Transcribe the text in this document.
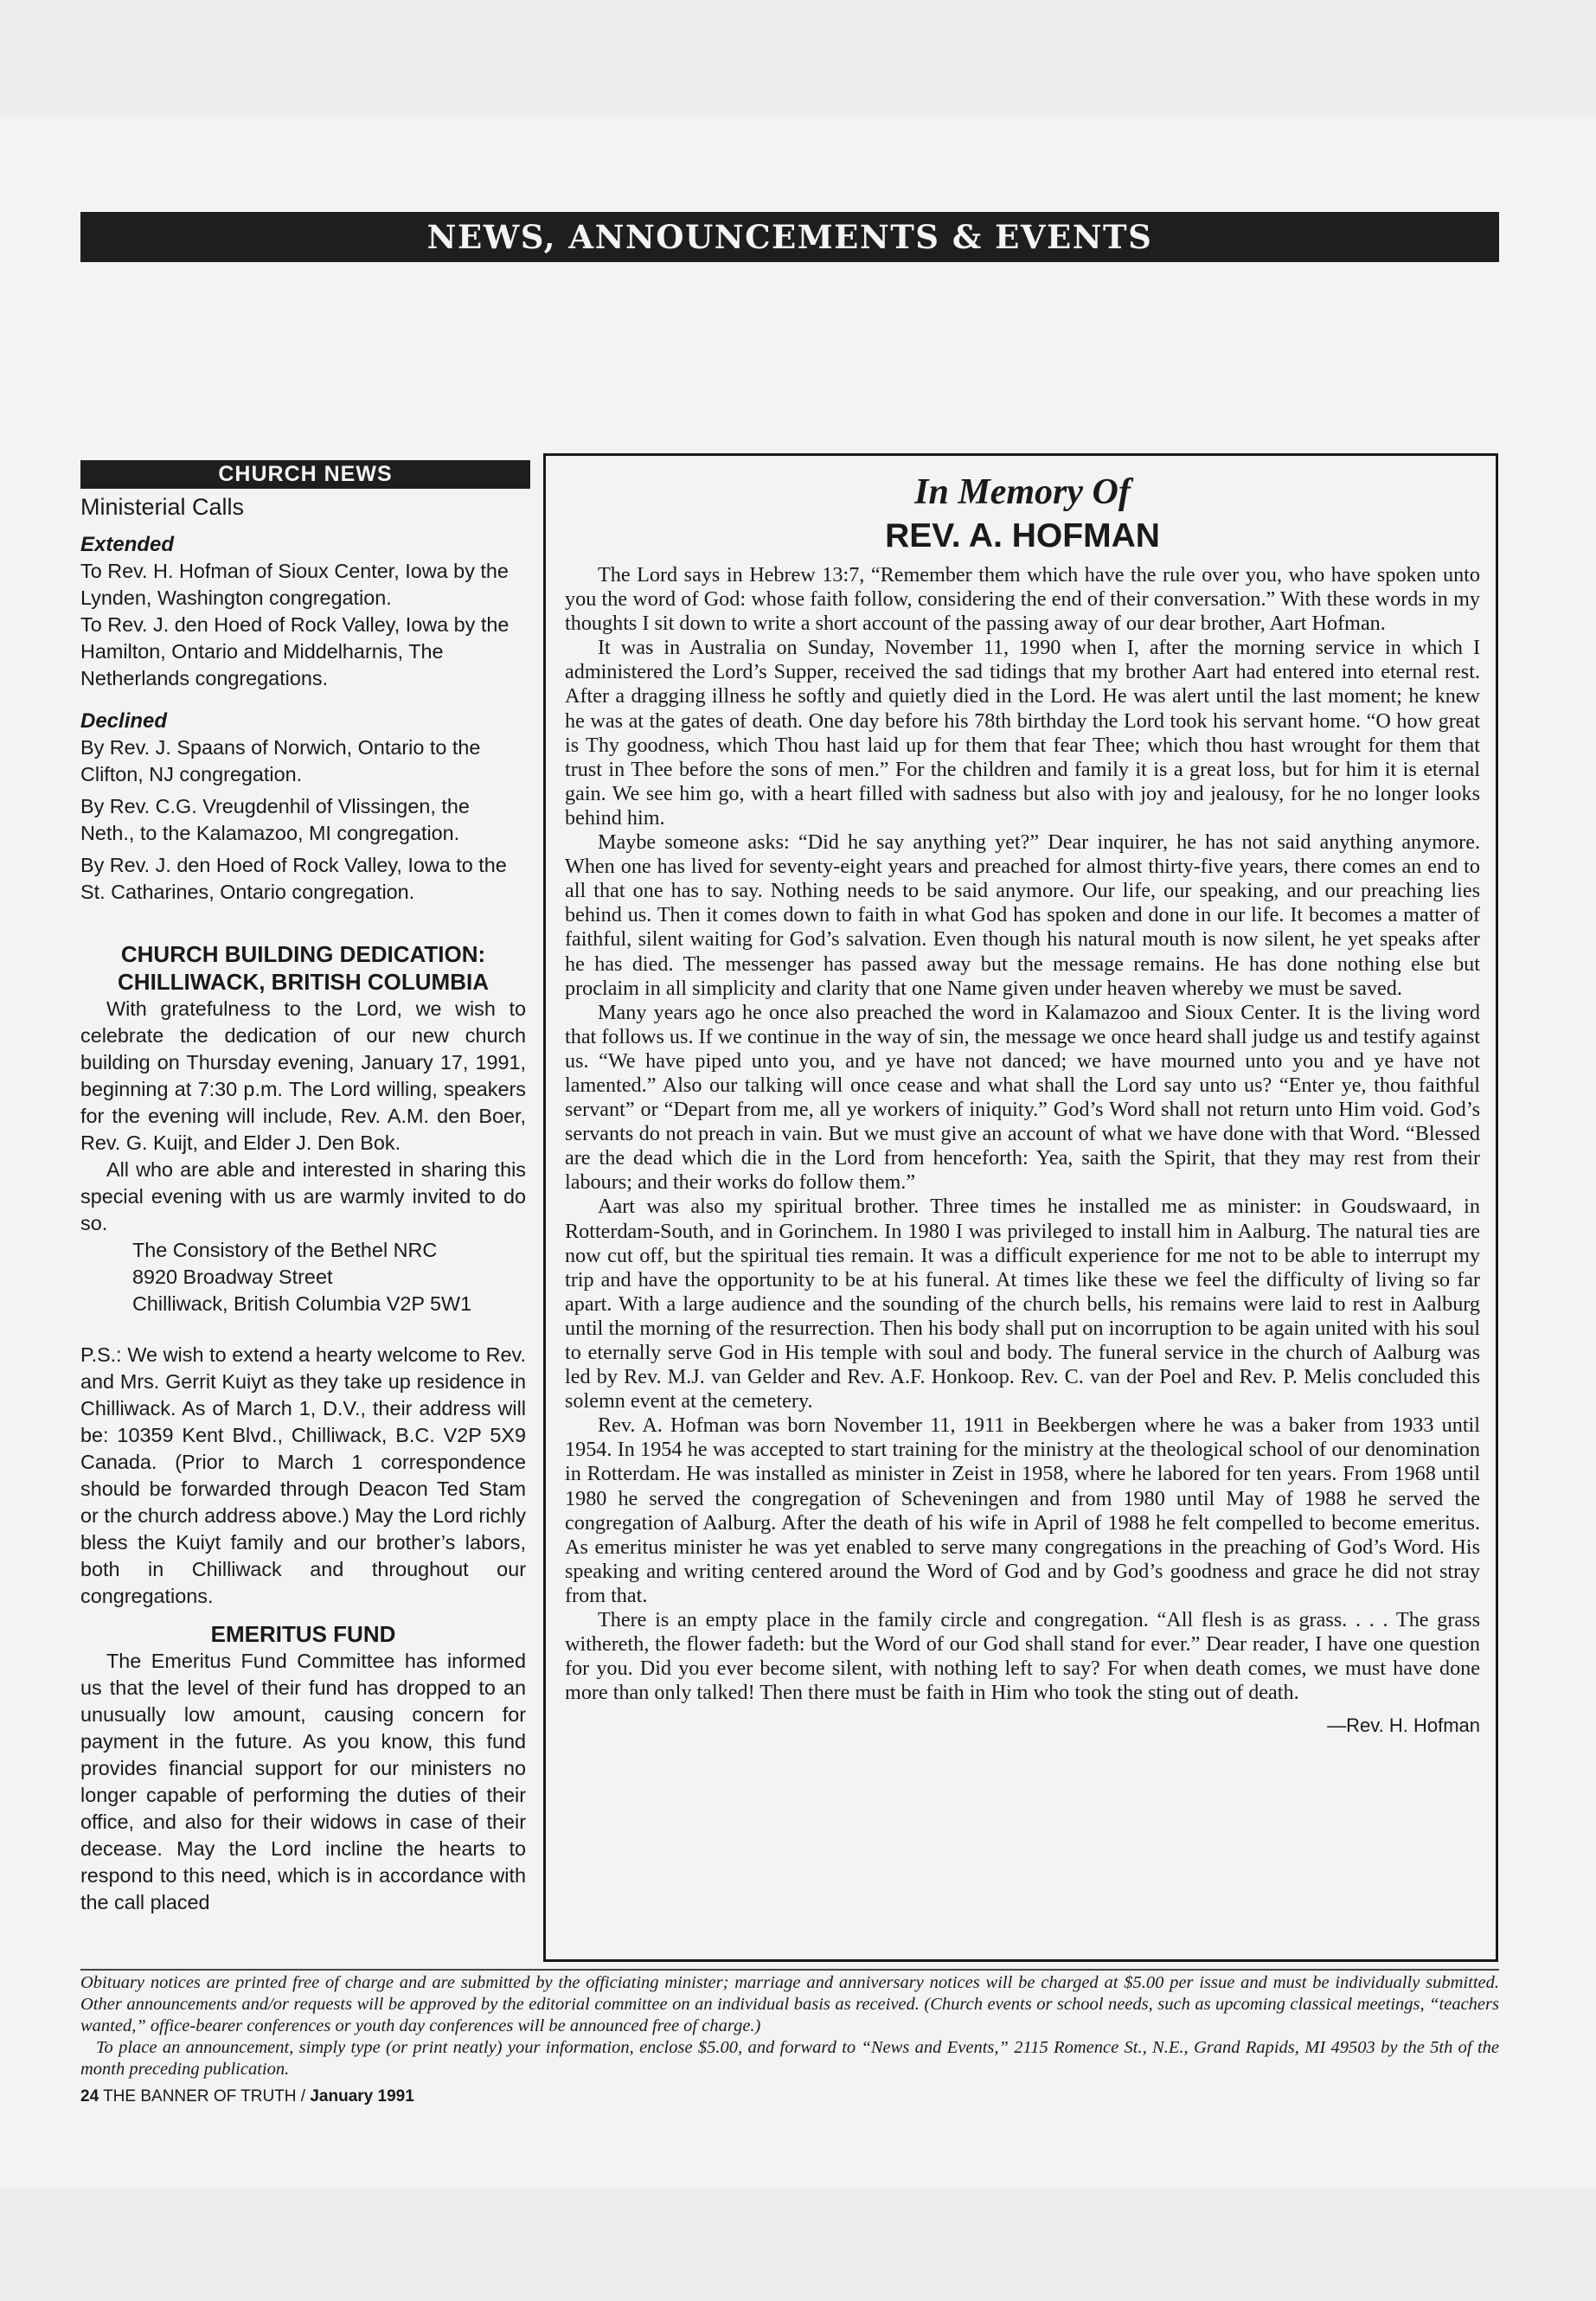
NEWS, ANNOUNCEMENTS & EVENTS
CHURCH NEWS
Ministerial Calls
Extended

To Rev. H. Hofman of Sioux Center, Iowa by the Lynden, Washington congregation.

To Rev. J. den Hoed of Rock Valley, Iowa by the Hamilton, Ontario and Middelharnis, The Netherlands congregations.

Declined

By Rev. J. Spaans of Norwich, Ontario to the Clifton, NJ congregation.

By Rev. C.G. Vreugdenhil of Vlissingen, the Neth., to the Kalamazoo, MI congregation.

By Rev. J. den Hoed of Rock Valley, Iowa to the St. Catharines, Ontario congregation.

CHURCH BUILDING DEDICATION:
CHILLIWACK, BRITISH COLUMBIA

With gratefulness to the Lord, we wish to celebrate the dedication of our new church building on Thursday evening, January 17, 1991, beginning at 7:30 p.m. The Lord willing, speakers for the evening will include, Rev. A.M. den Boer, Rev. G. Kuijt, and Elder J. Den Bok.

All who are able and interested in sharing this special evening with us are warmly invited to do so.

The Consistory of the Bethel NRC
8920 Broadway Street
Chilliwack, British Columbia V2P 5W1

P.S.: We wish to extend a hearty welcome to Rev. and Mrs. Gerrit Kuiyt as they take up residence in Chilliwack. As of March 1, D.V., their address will be: 10359 Kent Blvd., Chilliwack, B.C. V2P 5X9 Canada. (Prior to March 1 correspondence should be forwarded through Deacon Ted Stam or the church address above.) May the Lord richly bless the Kuiyt family and our brother’s labors, both in Chilliwack and throughout our congregations.

EMERITUS FUND

The Emeritus Fund Committee has informed us that the level of their fund has dropped to an unusually low amount, causing concern for payment in the future. As you know, this fund provides financial support for our ministers no longer capable of performing the duties of their office, and also for their widows in case of their decease. May the Lord incline the hearts to respond to this need, which is in accordance with the call placed

In Memory Of
REV. A. HOFMAN

The Lord says in Hebrew 13:7, “Remember them which have the rule over you, who have spoken unto you the word of God: whose faith follow, considering the end of their conversation.” With these words in my thoughts I sit down to write a short account of the passing away of our dear brother, Aart Hofman.

It was in Australia on Sunday, November 11, 1990 when I, after the morning service in which I administered the Lord’s Supper, received the sad tidings that my brother Aart had entered into eternal rest. After a dragging illness he softly and quietly died in the Lord. He was alert until the last moment; he knew he was at the gates of death. One day before his 78th birthday the Lord took his servant home. “O how great is Thy goodness, which Thou hast laid up for them that fear Thee; which thou hast wrought for them that trust in Thee before the sons of men.” For the children and family it is a great loss, but for him it is eternal gain. We see him go, with a heart filled with sadness but also with joy and jealousy, for he no longer looks behind him.

Maybe someone asks: “Did he say anything yet?” Dear inquirer, he has not said anything anymore. When one has lived for seventy-eight years and preached for almost thirty-five years, there comes an end to all that one has to say. Nothing needs to be said anymore. Our life, our speaking, and our preaching lies behind us. Then it comes down to faith in what God has spoken and done in our life. It becomes a matter of faithful, silent waiting for God’s salvation. Even though his natural mouth is now silent, he yet speaks after he has died. The messenger has passed away but the message remains. He has done nothing else but proclaim in all simplicity and clarity that one Name given under heaven whereby we must be saved.

Many years ago he once also preached the word in Kalamazoo and Sioux Center. It is the living word that follows us. If we continue in the way of sin, the message we once heard shall judge us and testify against us. “We have piped unto you, and ye have not danced; we have mourned unto you and ye have not lamented.” Also our talking will once cease and what shall the Lord say unto us? “Enter ye, thou faithful servant” or “Depart from me, all ye workers of iniquity.” God’s Word shall not return unto Him void. God’s servants do not preach in vain. But we must give an account of what we have done with that Word. “Blessed are the dead which die in the Lord from henceforth: Yea, saith the Spirit, that they may rest from their labours; and their works do follow them.”

Aart was also my spiritual brother. Three times he installed me as minister: in Goudswaard, in Rotterdam-South, and in Gorinchem. In 1980 I was privileged to install him in Aalburg. The natural ties are now cut off, but the spiritual ties remain. It was a difficult experience for me not to be able to interrupt my trip and have the opportunity to be at his funeral. At times like these we feel the difficulty of living so far apart. With a large audience and the sounding of the church bells, his remains were laid to rest in Aalburg until the morning of the resurrection. Then his body shall put on incorruption to be again united with his soul to eternally serve God in His temple with soul and body. The funeral service in the church of Aalburg was led by Rev. M.J. van Gelder and Rev. A.F. Honkoop. Rev. C. van der Poel and Rev. P. Melis concluded this solemn event at the cemetery.

Rev. A. Hofman was born November 11, 1911 in Beekbergen where he was a baker from 1933 until 1954. In 1954 he was accepted to start training for the ministry at the theological school of our denomination in Rotterdam. He was installed as minister in Zeist in 1958, where he labored for ten years. From 1968 until 1980 he served the congregation of Scheveningen and from 1980 until May of 1988 he served the congregation of Aalburg. After the death of his wife in April of 1988 he felt compelled to become emeritus. As emeritus minister he was yet enabled to serve many congregations in the preaching of God’s Word. His speaking and writing centered around the Word of God and by God’s goodness and grace he did not stray from that.

There is an empty place in the family circle and congregation. “All flesh is as grass. . . . The grass withereth, the flower fadeth: but the Word of our God shall stand for ever.” Dear reader, I have one question for you. Did you ever become silent, with nothing left to say? For when death comes, we must have done more than only talked! Then there must be faith in Him who took the sting out of death.

—Rev. H. Hofman

Obituary notices are printed free of charge and are submitted by the officiating minister; marriage and anniversary notices will be charged at $5.00 per issue and must be individually submitted. Other announcements and/or requests will be approved by the editorial committee on an individual basis as received. (Church events or school needs, such as upcoming classical meetings, “teachers wanted,” office-bearer conferences or youth day conferences will be announced free of charge.)

To place an announcement, simply type (or print neatly) your information, enclose $5.00, and forward to “News and Events,” 2115 Romence St., N.E., Grand Rapids, MI 49503 by the 5th of the month preceding publication.

24 THE BANNER OF TRUTH / January 1991
